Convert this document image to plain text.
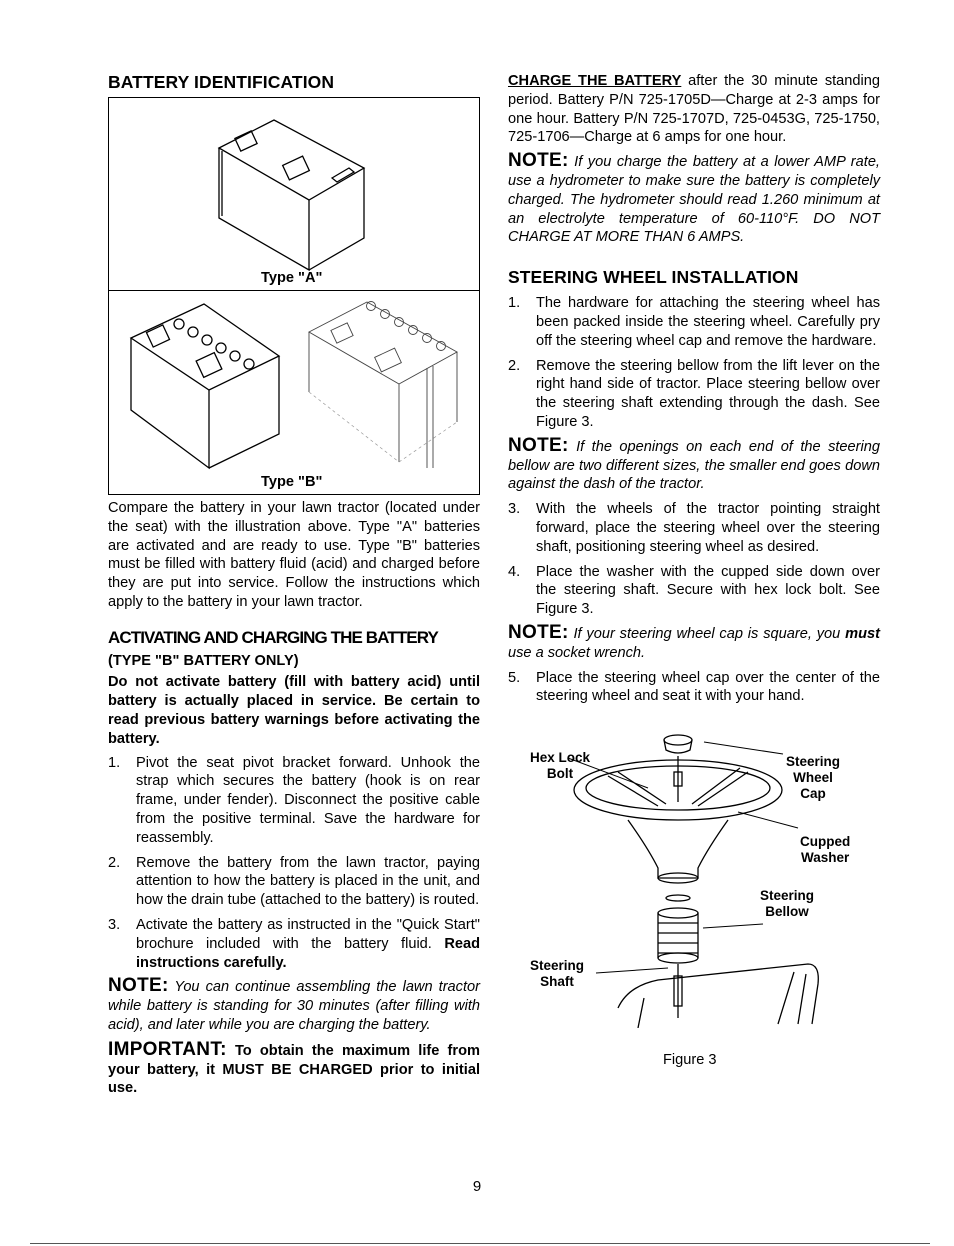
BATTERY IDENTIFICATION
Type "A"
Type "B"

Compare the battery in your lawn tractor (located under the seat) with the illustration above. Type "A" batteries are activated and are ready to use. Type "B" batteries must be filled with battery fluid (acid) and charged before they are put into service. Follow the instructions which apply to the battery in your lawn tractor.

ACTIVATING AND CHARGING THE BATTERY

(TYPE "B" BATTERY ONLY)

Do not activate battery (fill with battery acid) until battery is actually placed in service. Be certain to read previous battery warnings before activating the battery.

1. Pivot the seat pivot bracket forward. Unhook the strap which secures the battery (hook is on rear frame, under fender). Disconnect the positive cable from the positive terminal. Save the hardware for reassembly.
2. Remove the battery from the lawn tractor, paying attention to how the battery is placed in the unit, and how the drain tube (attached to the battery) is routed.
3. Activate the battery as instructed in the "Quick Start" brochure included with the battery fluid. Read instructions carefully.

NOTE: You can continue assembling the lawn tractor while battery is standing for 30 minutes (after filling with acid), and later while you are charging the battery.

IMPORTANT: To obtain the maximum life from your battery, it MUST BE CHARGED prior to initial use.

CHARGE THE BATTERY after the 30 minute standing period. Battery P/N 725-1705D—Charge at 2-3 amps for one hour. Battery P/N 725-1707D, 725-0453G, 725-1750, 725-1706—Charge at 6 amps for one hour.

NOTE: If you charge the battery at a lower AMP rate, use a hydrometer to make sure the battery is completely charged. The hydrometer should read 1.260 minimum at an electrolyte temperature of 60-110°F. DO NOT CHARGE AT MORE THAN 6 AMPS.

STEERING WHEEL INSTALLATION
1. The hardware for attaching the steering wheel has been packed inside the steering wheel. Carefully pry off the steering wheel cap and remove the hardware.
2. Remove the steering bellow from the lift lever on the right hand side of tractor. Place steering bellow over the steering shaft extending through the dash. See Figure 3.

NOTE: If the openings on each end of the steering bellow are two different sizes, the smaller end goes down against the dash of the tractor.

3. With the wheels of the tractor pointing straight forward, place the steering wheel over the steering shaft, positioning steering wheel as desired.
4. Place the washer with the cupped side down over the steering shaft. Secure with hex lock bolt. See Figure 3.

NOTE: If your steering wheel cap is square, you must use a socket wrench.

5. Place the steering wheel cap over the center of the steering wheel and seat it with your hand.
Hex Lock
Bolt
Steering
Wheel
Cap
Cupped
Washer
Steering
Bellow
Steering
Shaft
Figure 3
9
